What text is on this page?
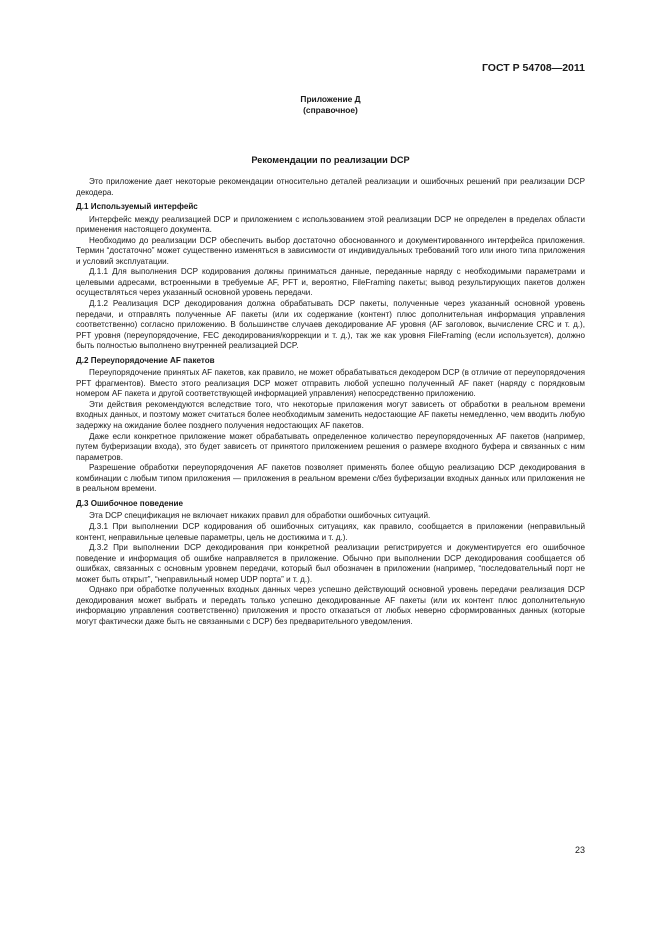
ГОСТ Р 54708—2011

Приложение Д
(справочное)

Рекомендации по реализации DCP

Это приложение дает некоторые рекомендации относительно деталей реализации и ошибочных решений при реализации DCP декодера.

Д.1 Используемый интерфейс

Интерфейс между реализацией DCP и приложением с использованием этой реализации DCP не определен в пределах области применения настоящего документа.

Необходимо до реализации DCP обеспечить выбор достаточно обоснованного и документированного интерфейса приложения. Термин “достаточно” может существенно изменяться в зависимости от индивидуальных требований того или иного типа приложения и условий эксплуатации.

Д.1.1 Для выполнения DCP кодирования должны приниматься данные, переданные наряду с необходимыми параметрами и целевыми адресами, встроенными в требуемые AF, PFT и, вероятно, FileFraming пакеты; вывод результирующих пакетов должен осуществляться через указанный основной уровень передачи.

Д.1.2 Реализация DCP декодирования должна обрабатывать DCP пакеты, полученные через указанный основной уровень передачи, и отправлять полученные AF пакеты (или их содержание (контент) плюс дополнительная информация управления соответственно) согласно приложению. В большинстве случаев декодирование AF уровня (AF заголовок, вычисление CRC и т. д.), PFT уровня (переупорядочение, FEC декодирования/коррекции и т. д.), так же как уровня FileFraming (если используется), должно быть полностью выполнено внутренней реализацией DCP.

Д.2 Переупорядочение AF пакетов

Переупорядочение принятых AF пакетов, как правило, не может обрабатываться декодером DCP (в отличие от переупорядочения PFT фрагментов). Вместо этого реализация DCP может отправить любой успешно полученный AF пакет (наряду с порядковым номером AF пакета и другой соответствующей информацией управления) непосредственно приложению.

Эти действия рекомендуются вследствие того, что некоторые приложения могут зависеть от обработки в реальном времени входных данных, и поэтому может считаться более необходимым заменить недостающие AF пакеты немедленно, чем вводить любую задержку на ожидание более позднего получения недостающих AF пакетов.

Даже если конкретное приложение может обрабатывать определенное количество переупорядоченных AF пакетов (например, путем буферизации входа), это будет зависеть от принятого приложением решения о размере входного буфера и связанных с ним параметров.

Разрешение обработки переупорядочения AF пакетов позволяет применять более общую реализацию DCP декодирования в комбинации с любым типом приложения — приложения в реальном времени с/без буферизации входных данных или приложения не в реальном времени.

Д.3 Ошибочное поведение

Эта DCP спецификация не включает никаких правил для обработки ошибочных ситуаций.

Д.3.1 При выполнении DCP кодирования об ошибочных ситуациях, как правило, сообщается в приложении (неправильный контент, неправильные целевые параметры, цель не достижима и т. д.).

Д.3.2 При выполнении DCP декодирования при конкретной реализации регистрируется и документируется его ошибочное поведение и информация об ошибке направляется в приложение. Обычно при выполнении DCP декодирования сообщается об ошибках, связанных с основным уровнем передачи, который был обозначен в приложении (например, “последовательный порт не может быть открыт”, “неправильный номер UDP порта” и т. д.).

Однако при обработке полученных входных данных через успешно действующий основной уровень передачи реализация DCP декодирования может выбрать и передать только успешно декодированные AF пакеты (или их контент плюс дополнительную информацию управления соответственно) приложения и просто отказаться от любых неверно сформированных данных (которые могут фактически даже быть не связанными с DCP) без предварительного уведомления.

23
